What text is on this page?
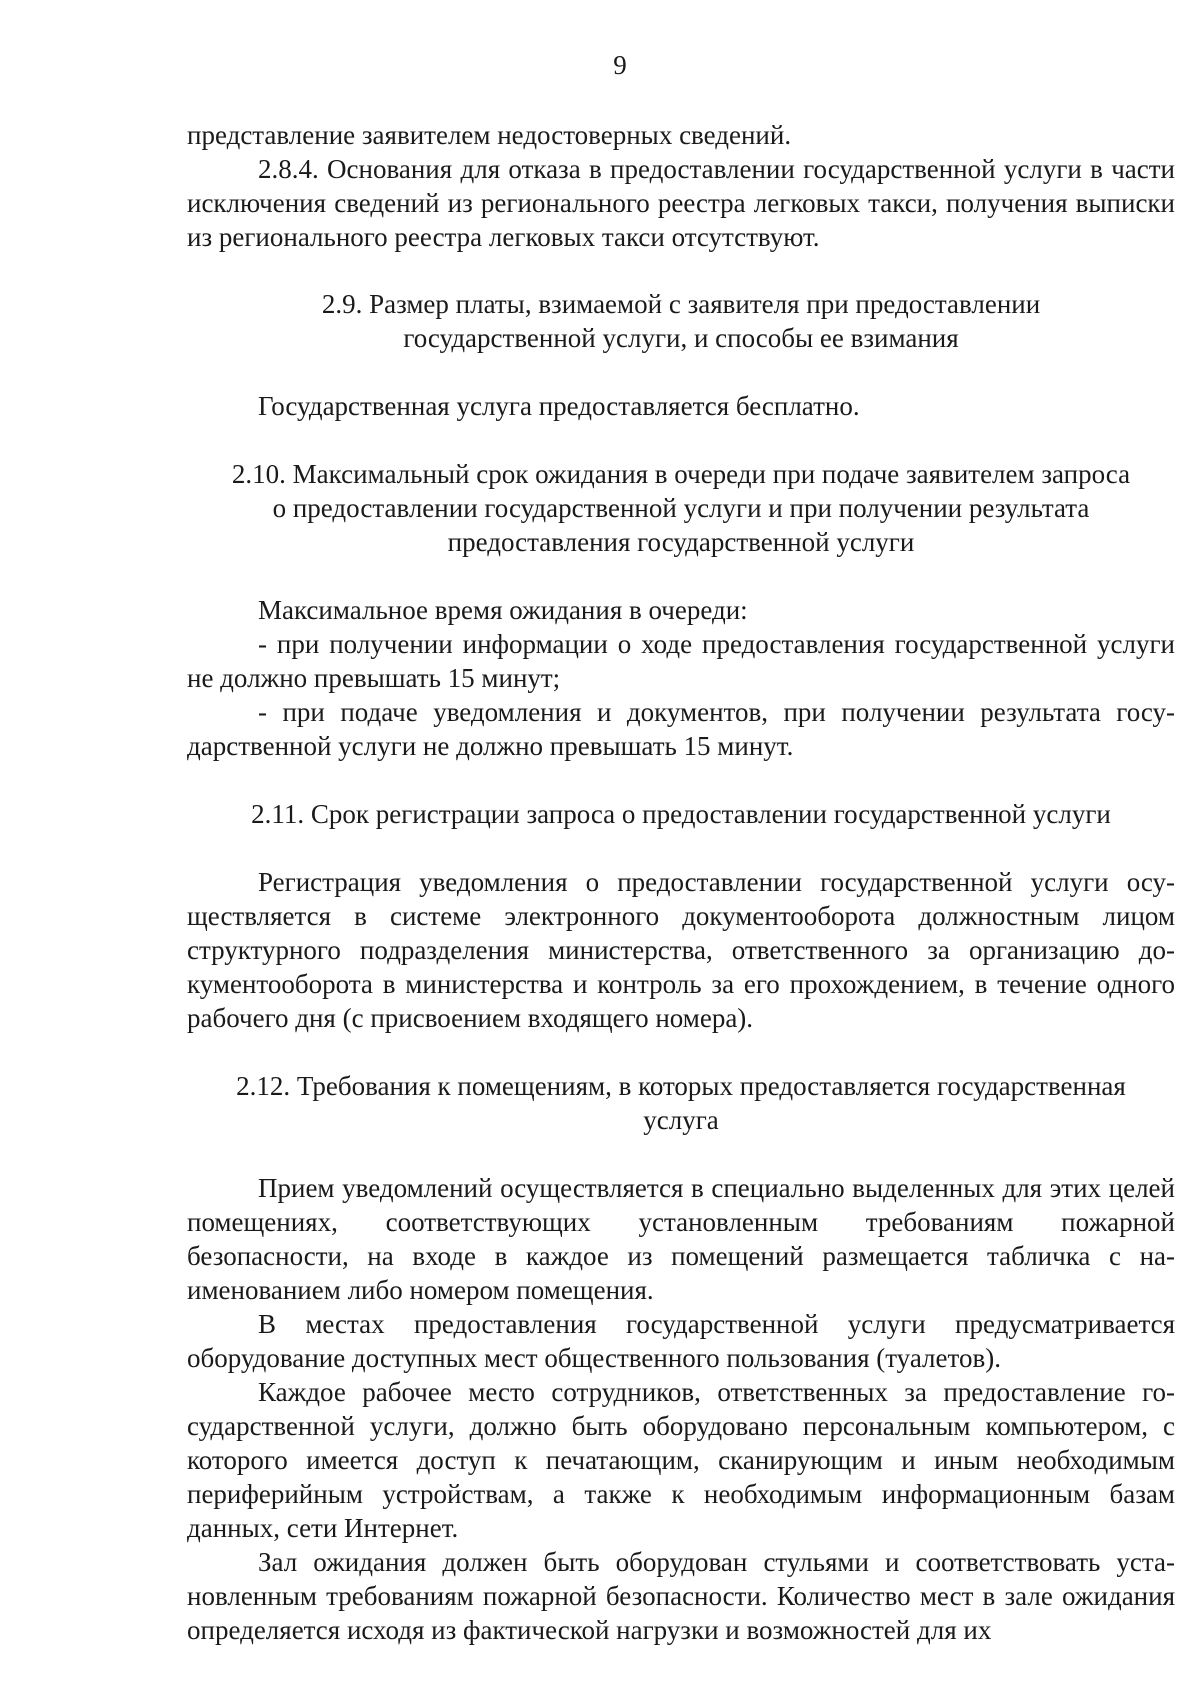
9

представление заявителем недостоверных сведений.

2.8.4. Основания для отказа в предоставлении государственной услуги в части исключения сведений из регионального реестра легковых такси, получения выписки из регионального реестра легковых такси отсутствуют.

2.9. Размер платы, взимаемой с заявителя при предоставлении
государственной услуги, и способы ее взимания

Государственная услуга предоставляется бесплатно.

2.10. Максимальный срок ожидания в очереди при подаче заявителем запроса
о предоставлении государственной услуги и при получении результата
предоставления государственной услуги

Максимальное время ожидания в очереди:

- при получении информации о ходе предоставления государственной услуги не должно превышать 15 минут;

- при подаче уведомления и документов, при получении результата государственной услуги не должно превышать 15 минут.

2.11. Срок регистрации запроса о предоставлении государственной услуги

Регистрация уведомления о предоставлении государственной услуги осуществляется в системе электронного документооборота должностным лицом структурного подразделения министерства, ответственного за организацию документооборота в министерства и контроль за его прохождением, в течение одного рабочего дня (с присвоением входящего номера).

2.12. Требования к помещениям, в которых предоставляется государственная
услуга

Прием уведомлений осуществляется в специально выделенных для этих целей помещениях, соответствующих установленным требованиям пожарной безопасности, на входе в каждое из помещений размещается табличка с наименованием либо номером помещения.

В местах предоставления государственной услуги предусматривается оборудование доступных мест общественного пользования (туалетов).

Каждое рабочее место сотрудников, ответственных за предоставление государственной услуги, должно быть оборудовано персональным компьютером, с которого имеется доступ к печатающим, сканирующим и иным необходимым периферийным устройствам, а также к необходимым информационным базам данных, сети Интернет.

Зал ожидания должен быть оборудован стульями и соответствовать установленным требованиям пожарной безопасности. Количество мест в зале ожидания определяется исходя из фактической нагрузки и возможностей для их
